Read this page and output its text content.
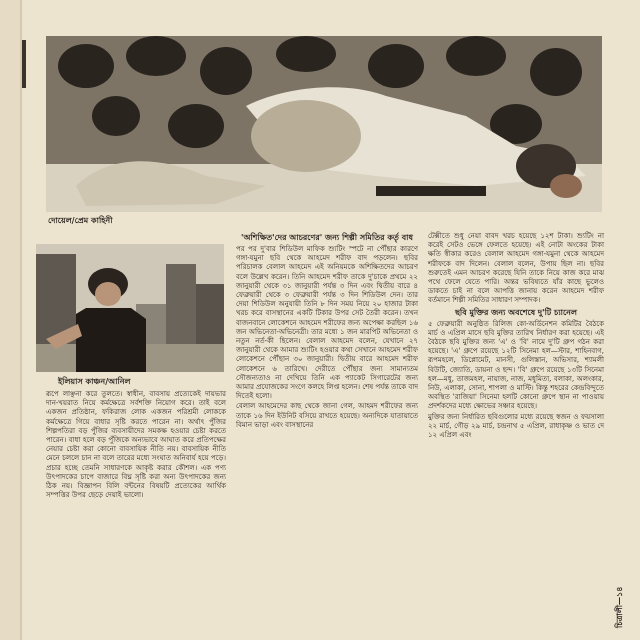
দোয়েল/প্রেম কাহিনী
ইলিয়াস কাঞ্চন/আনিল

রূপে লাঞ্ছনা করে তুলতে। স্বাধীন, বাবসায় প্রত্যেকেই দায়ভার দান-খয়রাত নিয়ে কর্মক্ষেত্রে সর্বশক্তি নিয়োগ করে। তাই বলে একজন প্রতিষ্ঠান, ফকিরাজ লোক একজন পরিশ্রমী লোককে কর্মক্ষেত্রে গিয়ে বাধার সৃষ্টি করতে পারেন না। অর্থাৎ পুঁজির শিল্পপতিরা বড় পুঁজির ব্যবসায়ীদের সমকক্ষ হওয়ার চেষ্টা করতে পারেন। বাধা হলে বড় পুঁজিকে অন্যভাবে আঘাত করে প্রতিপক্ষের নেয়ার চেষ্টা করা কোনো বাবসায়িক নীতি নয়। বাবসায়িক নীতি মেনে চললে চান না বলে তারের মধ্যে সংঘাত অনিবার্য হয়ে পড়ে। প্রচার হচ্ছে তেমনি সাধারণকে আকৃষ্ট করার কৌশল। এক পণ্য উৎপাদকের চাপে বাজারে বিঘ্ন সৃষ্টি করা অন্য উৎপাদকের জন্য ঠিক নয়। বিজ্ঞাপন বিলি বন্টনের বিষয়টি প্রত্যেকের আর্থিক সম্পত্তির উপর ছেড়ে দেয়াই ভালো।

'অশিক্ষিত'দের আচরণের' জন্য শিল্পী সমিতির কর্তৃ বাধ

পর পর দু'বার শিডিউল মাফিক শ্যুটিং স্পটে না পৌঁছার কারণে গঙ্গা-যমুনা ছবি থেকে আহমেদ শরীফ বাদ পড়লেন। ছবির পরিচালক বেলাল আহমেদ এই অনিয়মকে অশিক্ষিতদের আচরণ বলে উল্লেখ করেন। তিনি আহমেদ শরীফ তাকে দু'চাকে প্রথমে ২২ জানুয়ারী থেকে ৩১ জানুয়ারী পর্যন্ত ৩ দিন এবং দ্বিতীয় বারে ৪ ফেব্রুয়ারী থেকে ৩ ফেব্রুয়ারী পর্যন্ত ৩ দিন শিডিউল দেন। তার দেয়া শিডিউল অনুযায়ী তিনি ৮ দিন সময় নিয়ে ২০ হাজার টাকা খরচ করে বাসস্থানের একটি টিকার উপর সেট তৈরী করেন। তখন বাজনবানে লোকেশনে আহমেদ শরীফের জন্য অপেক্ষা করছিল ১৬ জন অভিনেতা-অভিনেত্রী। তার মধ্যে ১ জন মারপিট অভিনেতা ও নতুন নর্ত-কী ছিলেন। বেলাল আহমেদ বলেন, যেখানে ২৭ জানুয়ারী থেকে আমার শ্যুটিং হওয়ার কথা সেখানে আহমেদ শরীফ লোকেশনে পৌঁছান ৩০ জানুয়ারী। দ্বিতীয় বারে আহমেদ শরীফ লোকেশনে ৬ তারিখে। দেরীতে পৌঁছার জন্য সামান্যতম সৌজন্যতাও না দেখিয়ে তিনি এক প্যাকেট সিগারেটের জন্য আমার প্রযোজকের সংগে কলহে লিপ্ত হলেন। শেষ পর্যন্ত তাকে বাদ দিতেই হলো।

বেলাল আহমেদের কাছ থেকে জানা গেল, আহমদ শরীফের জন্য তাকে ১৬ দিন ইউনিট বসিয়ে রাখতে হয়েছে। অন্যদিকে যাতায়াতে বিমান ভাড়া এবং বাসস্থানের

টেক্সীতে শুধু নেয়া বাবদ খরচ হয়েছে ১২শ টাকা। শ্যুটিং না করেই সেটও ভেঙ্গে ফেলতে হয়েছে। এই নোটা অংকের টাকা ক্ষতি স্বীকার করেও বেলাল আহমেদ গঙ্গা-যমুনা থেকে আহমেদ শরীফকে বাদ দিলেন। বেলাল বলেন, উপায় ছিল না। ছবির শুরুতেই এমন আচরণ করেছে যিনি তাকে নিয়ে কাজ করে মাঝ পথে ফেলে যেতে পারি। অন্তর ভবিষ্যতে যাঁর কাছে ভুলেও ডাকতে চাই না বলে আপত্তি জানায় করেন আহমেদ শরীফ বর্তমানে শিল্পী সমিতির সাধারণ সম্পাদক।

ছবি মুক্তির জন্য অবশেষে দু'টি চ্যানেল

৫ ফেব্রুয়ারী অনুষ্ঠিত রিলিজ কো-অর্ডিনেশন কমিটির বৈঠকে মার্চ ও এপ্রিল মাসে ছবি মুক্তির তারিখ নির্ধারণ করা হয়েছে। এই বৈঠকে ছবি মুক্তির জন্য 'এ' ও 'বি' নামে দু'টি গ্রুপ গঠন করা হয়েছে। 'এ' গ্রুপে রয়েছে ১২টি সিনেমা হল—স্টার, শাহিনবাগ, রূপমহলে, ডিপ্লোমেট, মানসী, গুলিস্তান, অভিসার, শ্যামলী বিউটি, জ্যোতি, ডায়না ও ছন্দ। 'বি' গ্রুপে রয়েছে ১৩টি সিনেমা হল—মধু, তাজমহল, নায়াজ, নাজ, মধুমিতা, বলাকা, অলংকার, নিউ, এলাকা, সোনা, শাপলা ও মাস্টি। কিন্তু শহরের কেন্দ্রবিন্দুতে অবস্থিত 'রাজিয়া' সিনেমা হলটি কোনো গ্রুপে স্থান না পাওয়ায় প্রদর্শকদের মধ্যে ক্ষোভের সঞ্চার হয়েছে।

মুক্তির জন্য নির্ধারিত ছবিগুলোর মধ্যে রয়েছে স্বজন ও ফয়সালা ২২ মার্চ, গৌড় ২৯ মার্চ, চন্দ্রনাথ ৫ এপ্রিল, রাধাকৃষ্ণ ও ভাত দে ১২ এপ্রিল এবং

চিত্রালী—১৪
